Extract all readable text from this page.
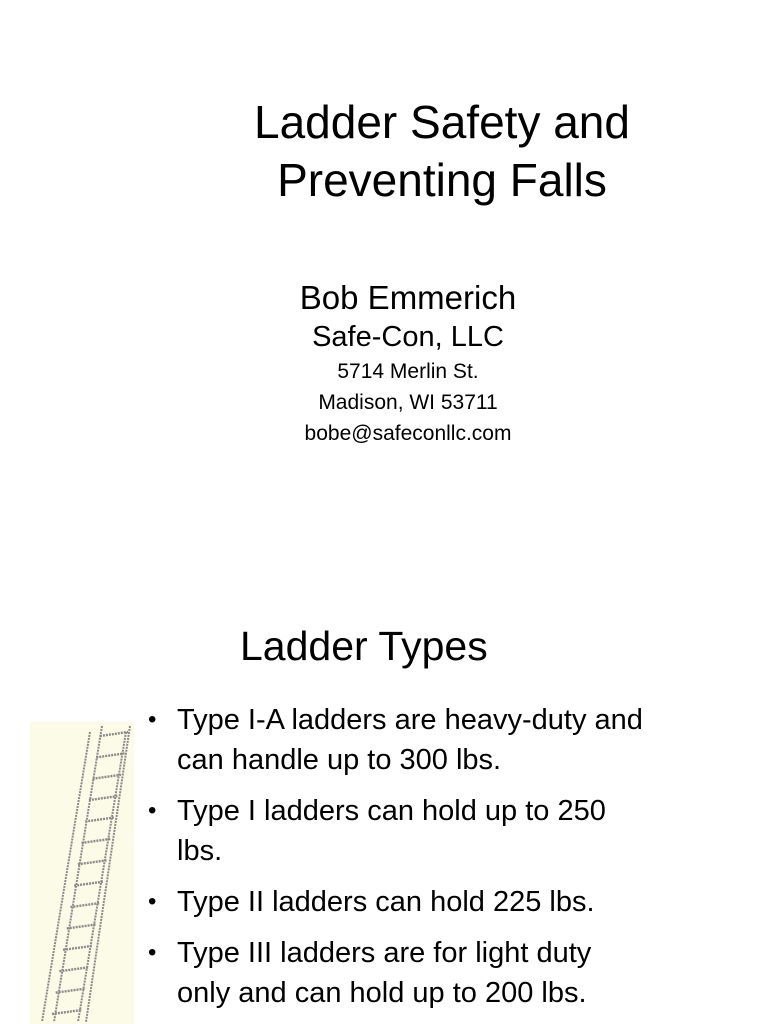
Ladder Safety and
Preventing Falls
Bob Emmerich
Safe-Con, LLC
5714 Merlin St.
Madison, WI 53711
bobe@safeconllc.com
Ladder Types
• Type I-A ladders are heavy-duty and
can handle up to 300 lbs.
• Type I ladders can hold up to 250
lbs.
• Type II ladders can hold 225 lbs.
• Type III ladders are for light duty
only and can hold up to 200 lbs.
